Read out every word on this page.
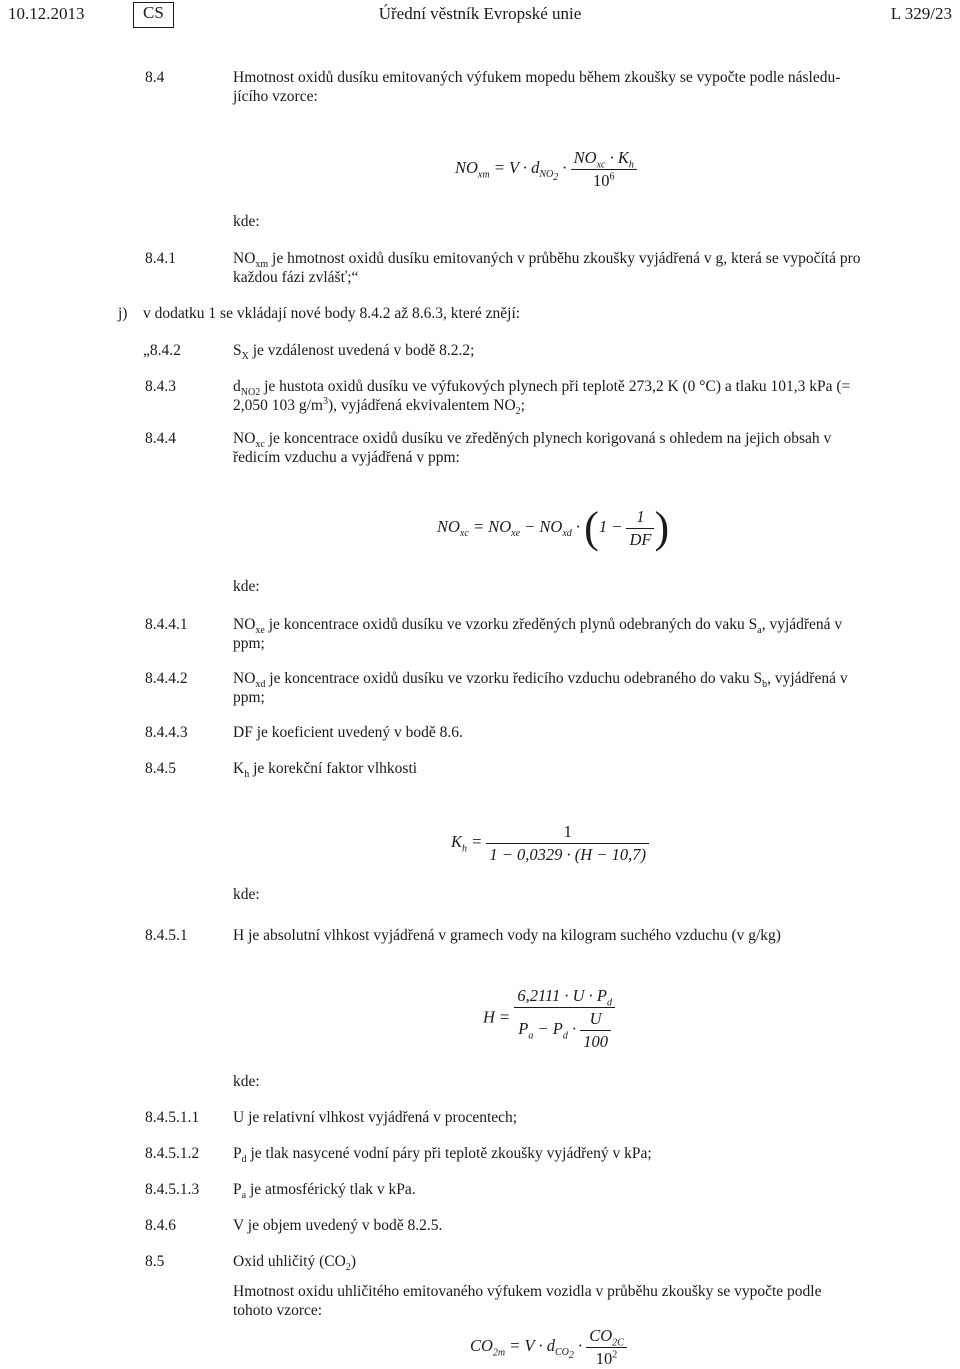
10.12.2013	Úřední věstník Evropské unie
CS	L 329/23
8.4	Hmotnost oxidů dusíku emitovaných výfukem mopedu během zkoušky se vypočte podle následu-jícího vzorce:
$NO_{xm} = V \cdot d_{NO_2}$ ·
$NO_{xc} \cdot K_h$
$10^6$
kde:
8.4.1	$NO_{xm}$ je hmotnost oxidů dusíku emitovaných v průběhu zkoušky vyjádřená v g, která se vypočítá pro každou fázi zvlášť;“
j) v dodatku 1 se vkládají nové body 8.4.2 až 8.6.3, které znějí:
„8.4.2	$S_X$ je vzdálenost uvedená v bodě 8.2.2;
8.4.3	$d_{NO2}$ je hustota oxidů dusíku ve výfukových plynech při teplotě 273,2 K (0 °C) a tlaku 101,3 kPa (= 2,050 103 $g/m^3$), vyjádřená ekvivalentem $NO_2$;
8.4.4	$NO_{xc}$ je koncentrace oxidů dusíku ve zředěných plynech korigovaná s ohledem na jejich obsah v ředicím vzduchu a vyjádřená v ppm:
$NO_{xc} = NO_{xe} - NO_{xd} \cdot (1 - \frac{1}{DF}$ )
kde:
8.4.4.1	$NO_{xe}$ je koncentrace oxidů dusíku ve vzorku zředěných plynů odebraných do vaku $S_a$, vyjádřená v ppm;
8.4.4.2	$NO_{xd}$ je koncentrace oxidů dusíku ve vzorku ředicího vzduchu odebraného do vaku $S_b$, vyjádřená v ppm;
8.4.4.3	DF je koeficient uvedený v bodě 8.6.
8.4.5	$K_h$ je korekční faktor vlhkosti
$K_h = \frac{1}{1 - 0,0329 \cdot (H - 10,7)}$
kde:
8.4.5.1	H je absolutní vlhkost vyjádřená v gramech vody na kilogram suchého vzduchu (v g/kg)
$H = \frac{6,2111 \cdot U \cdot P_d}{P_a - P_d \cdot \frac{U}{100}}$
kde:
8.4.5.1.1 U je relativní vlhkost vyjádřená v procentech;
8.4.5.1.2 $P_d$ je tlak nasycené vodní páry při teplotě zkoušky vyjádřený v kPa;
8.4.5.1.3 $P_a$ je atmosférický tlak v kPa.
8.4.6	V je objem uvedený v bodě 8.2.5.
8.5	Oxid uhličitý $(CO_2)$
Hmotnost oxidu uhličitého emitovaného výfukem vozidla v průběhu zkoušky se vypočte podle tohoto vzorce:
$CO_{2m} = V \cdot d_{CO_2} \cdot \frac{CO_{2C}}{10^2}$
